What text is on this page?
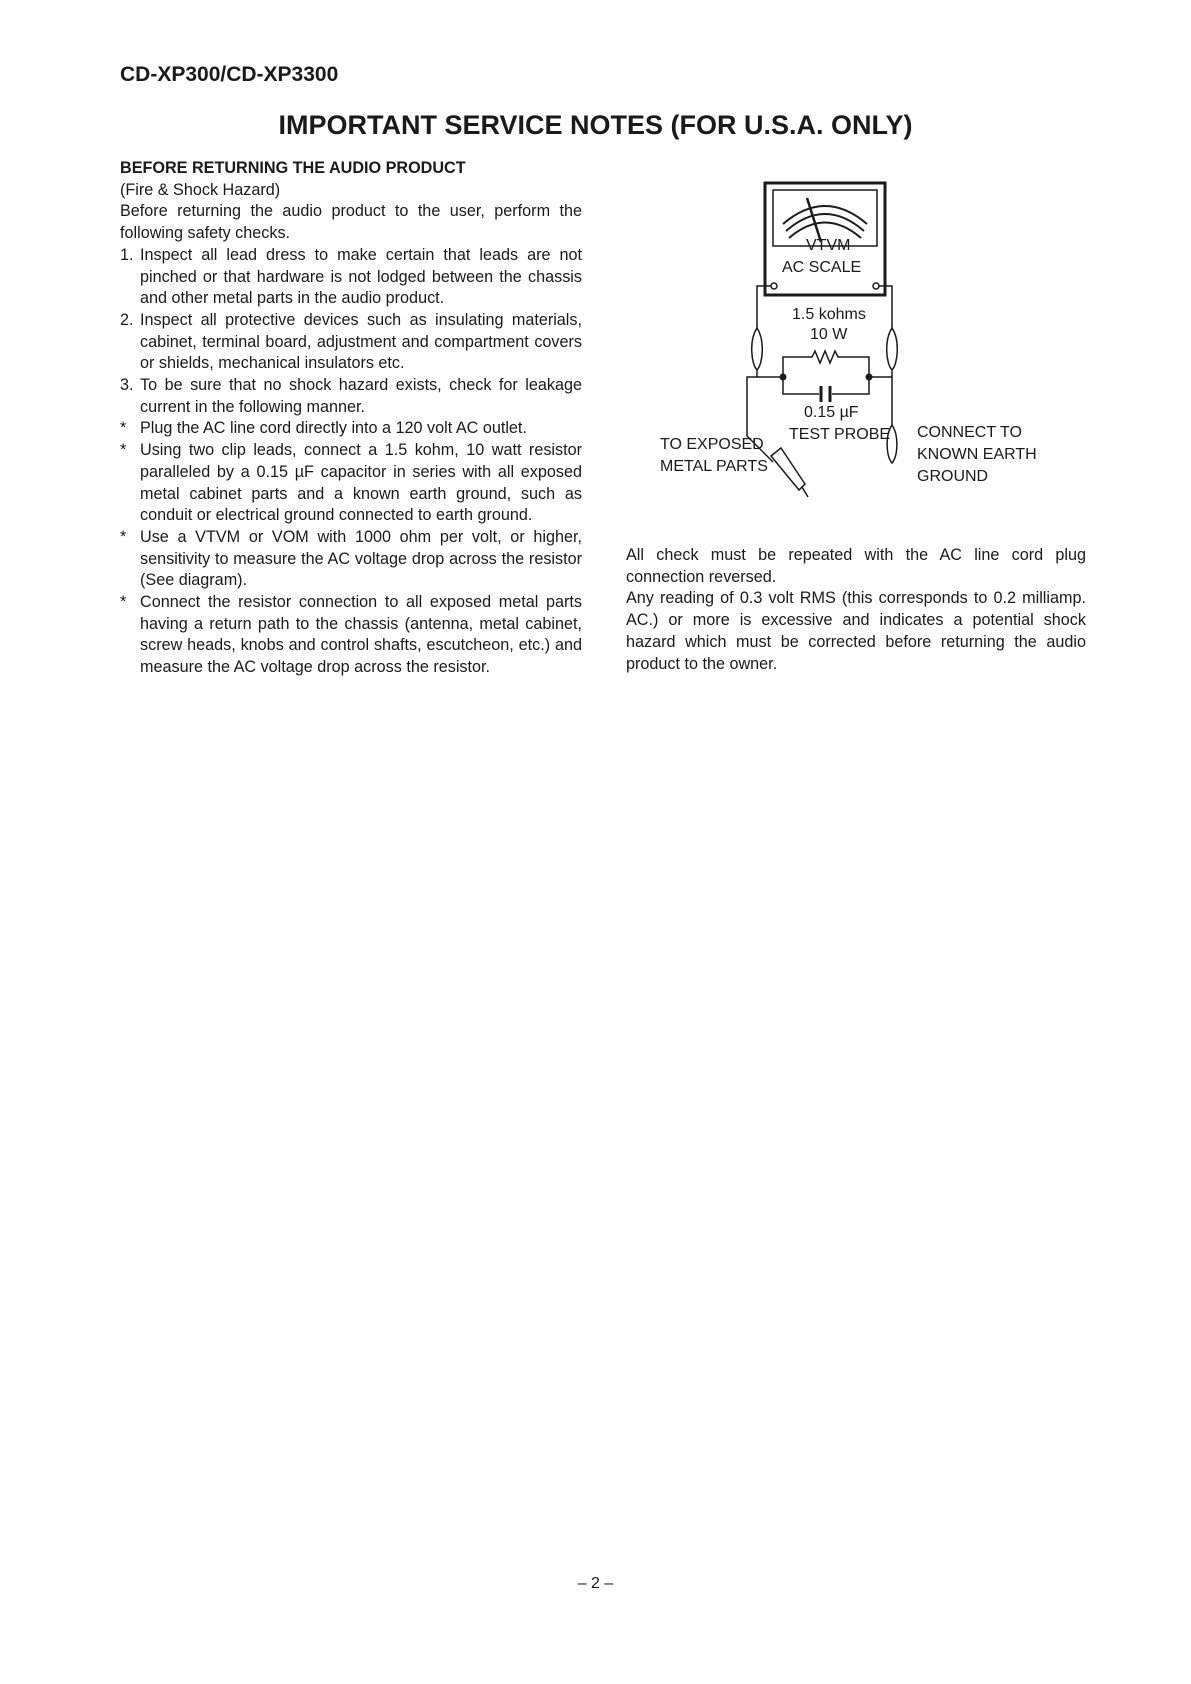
CD-XP300/CD-XP3300
IMPORTANT SERVICE NOTES (FOR U.S.A. ONLY)

BEFORE RETURNING THE AUDIO PRODUCT

(Fire & Shock Hazard)

Before returning the audio product to the user, perform the following safety checks.

1. Inspect all lead dress to make certain that leads are not pinched or that hardware is not lodged between the chassis and other metal parts in the audio product.
2. Inspect all protective devices such as insulating materials, cabinet, terminal board, adjustment and compartment covers or shields, mechanical insulators etc.
3. To be sure that no shock hazard exists, check for leakage current in the following manner.
* Plug the AC line cord directly into a 120 volt AC outlet.
* Using two clip leads, connect a 1.5 kohm, 10 watt resistor paralleled by a 0.15 µF capacitor in series with all exposed metal cabinet parts and a known earth ground, such as conduit or electrical ground connected to earth ground.
* Use a VTVM or VOM with 1000 ohm per volt, or higher, sensitivity to measure the AC voltage drop across the resistor (See diagram).
* Connect the resistor connection to all exposed metal parts having a return path to the chassis (antenna, metal cabinet, screw heads, knobs and control shafts, escutcheon, etc.) and measure the AC voltage drop across the resistor.
VTVM
AC SCALE
1.5 kohms
10 W
0.15 µF
TEST PROBE
TO EXPOSED
METAL PARTS
CONNECT TO
KNOWN EARTH
GROUND

All check must be repeated with the AC line cord plug connection reversed.

Any reading of 0.3 volt RMS (this corresponds to 0.2 milliamp. AC.) or more is excessive and indicates a potential shock hazard which must be corrected before returning the audio product to the owner.

– 2 –
